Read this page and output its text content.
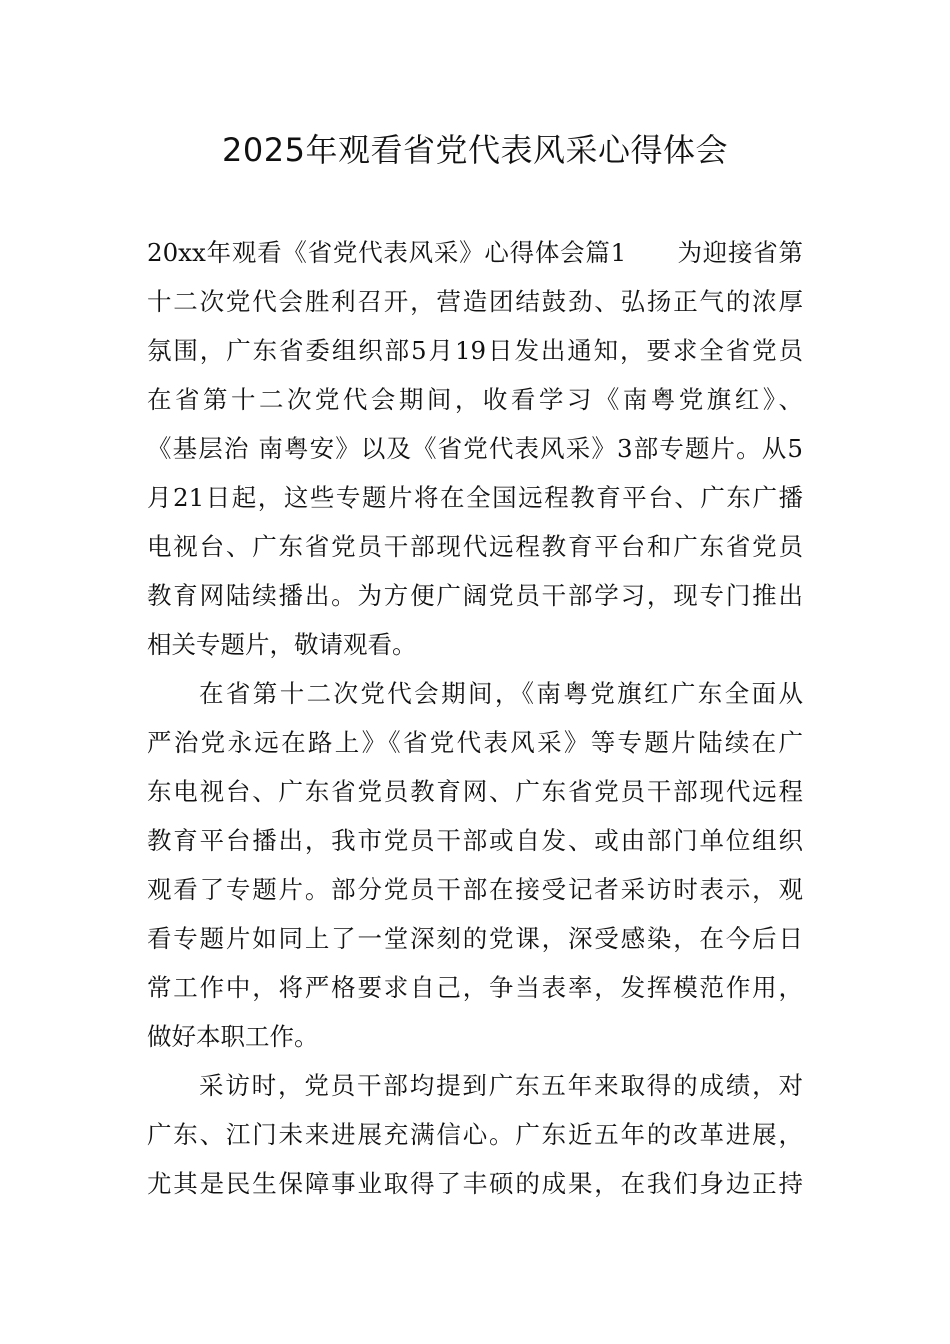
2025年观看省党代表风采心得体会
20xx年观看《省党代表风采》心得体会篇1　　为迎接省第
十二次党代会胜利召开，营造团结鼓劲、弘扬正气的浓厚
氛围，广东省委组织部5月19日发出通知，要求全省党员
在省第十二次党代会期间，收看学习《南粤党旗红》、
《基层治 南粤安》以及《省党代表风采》3部专题片。从5
月21日起，这些专题片将在全国远程教育平台、广东广播
电视台、广东省党员干部现代远程教育平台和广东省党员
教育网陆续播出。为方便广阔党员干部学习，现专门推出
相关专题片，敬请观看。
在省第十二次党代会期间，《南粤党旗红广东全面从
严治党永远在路上》《省党代表风采》等专题片陆续在广
东电视台、广东省党员教育网、广东省党员干部现代远程
教育平台播出，我市党员干部或自发、或由部门单位组织
观看了专题片。部分党员干部在接受记者采访时表示，观
看专题片如同上了一堂深刻的党课，深受感染，在今后日
常工作中，将严格要求自己，争当表率，发挥模范作用，
做好本职工作。
采访时，党员干部均提到广东五年来取得的成绩，对
广东、江门未来进展充满信心。广东近五年的改革进展，
尤其是民生保障事业取得了丰硕的成果，在我们身边正持
